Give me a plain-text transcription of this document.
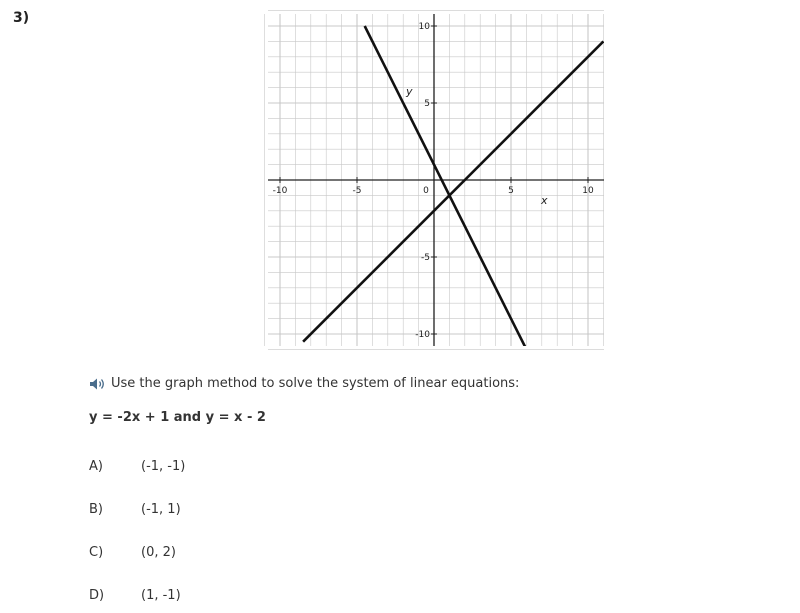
3)
-10	-5	0	5	10
-10
-5
5
10
x
y
Use the graph method to solve the system of linear equations:
y = -2x + 1 and y = x - 2
A)	(-1, -1)
B)	(-1, 1)
C)	(0, 2)
D)	(1, -1)
